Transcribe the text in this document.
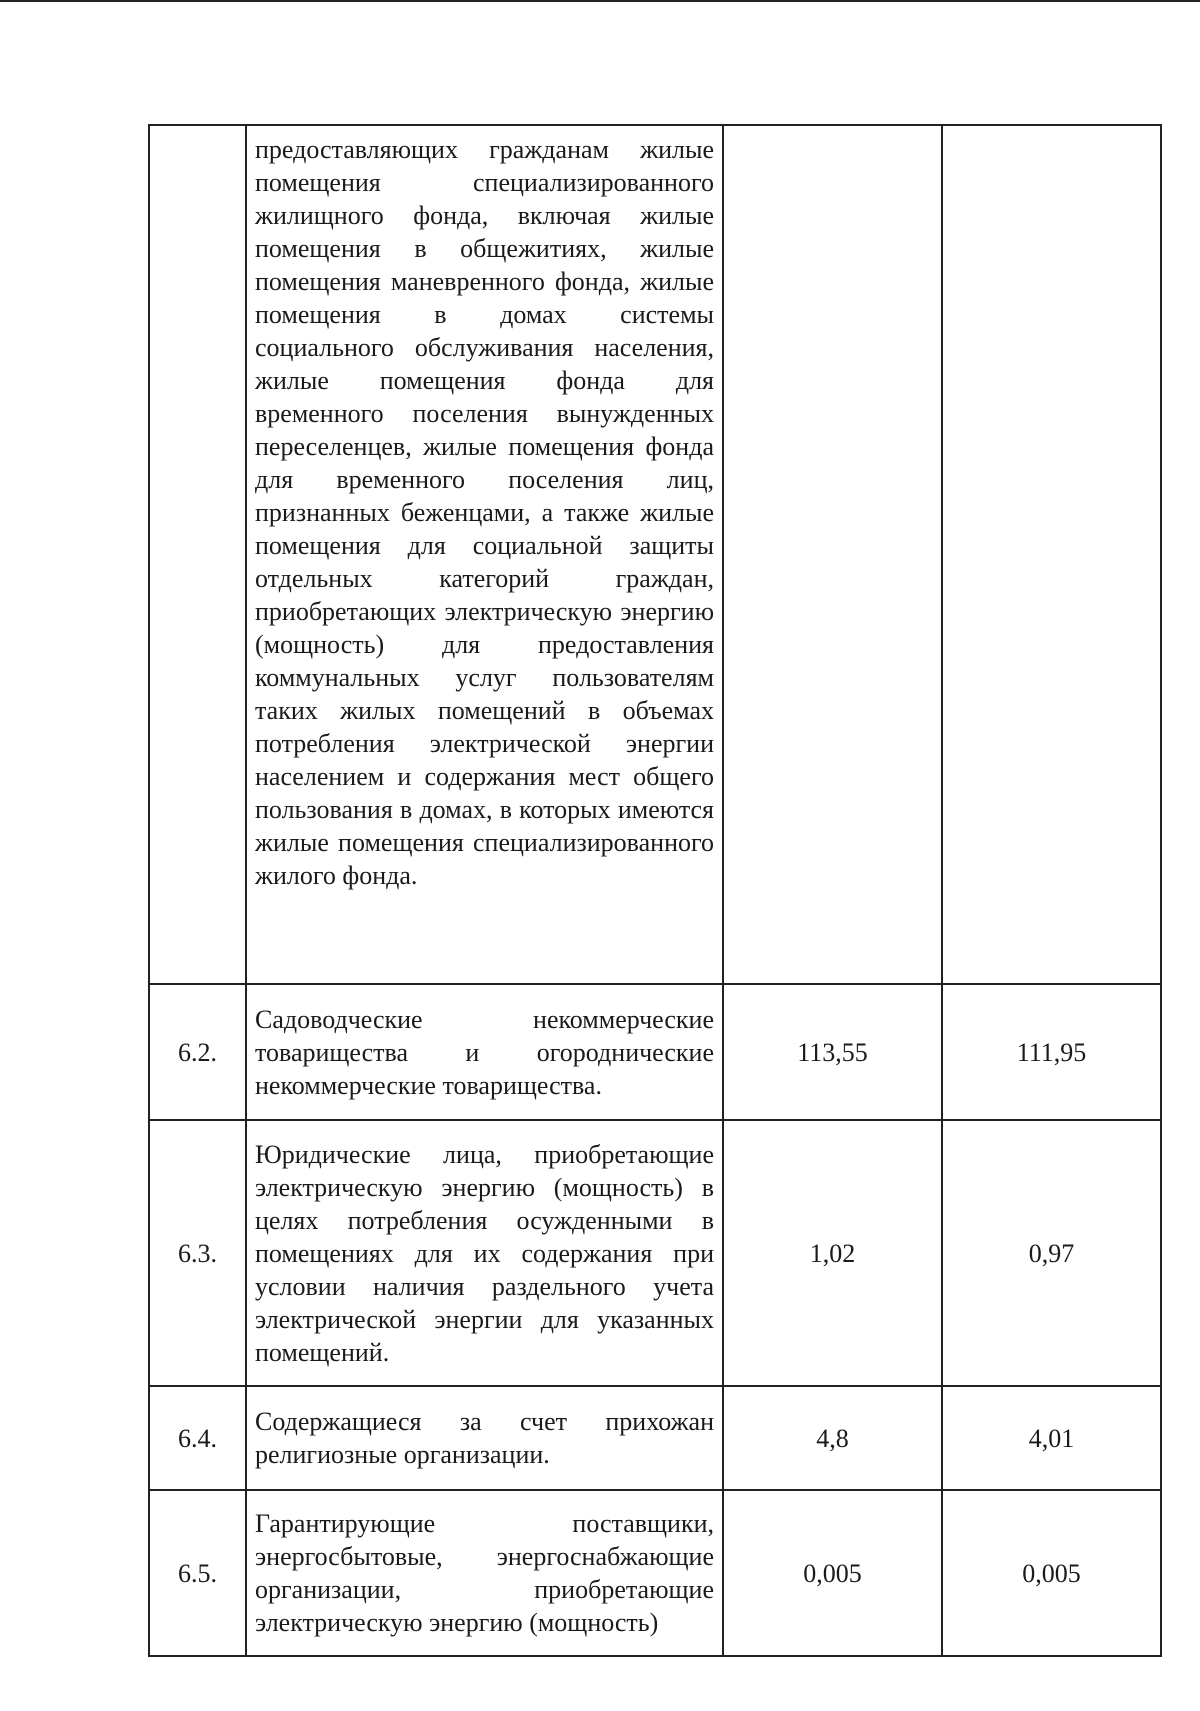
	предоставляющих гражданам жилые помещения специализированного жилищного фонда, включая жилые помещения в общежитиях, жилые помещения маневренного фонда, жилые помещения в домах системы социального обслуживания населения, жилые помещения фонда для временного поселения вынужденных переселенцев, жилые помещения фонда для временного поселения лиц, признанных беженцами, а также жилые помещения для социальной защиты отдельных категорий граждан, приобретающих электрическую энергию (мощность) для предоставления коммунальных услуг пользователям таких жилых помещений в объемах потребления электрической энергии населением и содержания мест общего пользования в домах, в которых имеются жилые помещения специализированного жилого фонда.		
6.2.	Садоводческие некоммерческие товарищества и огороднические некоммерческие товарищества.	113,55	111,95
6.3.	Юридические лица, приобретающие электрическую энергию (мощность) в целях потребления осужденными в помещениях для их содержания при условии наличия раздельного учета электрической энергии для указанных помещений.	1,02	0,97
6.4.	Содержащиеся за счет прихожан религиозные организации.	4,8	4,01
6.5.	Гарантирующие поставщики, энергосбытовые, энергоснабжающие организации, приобретающие электрическую энергию (мощность)	0,005	0,005
